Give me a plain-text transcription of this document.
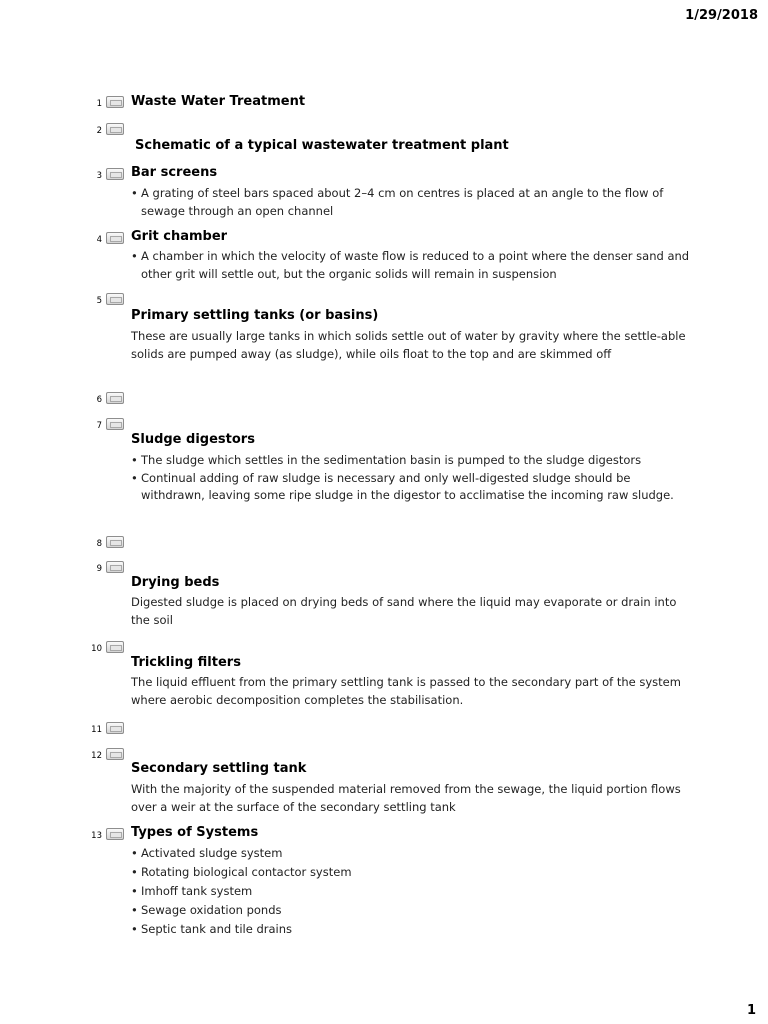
1/29/2018
1 Waste Water Treatment
2
Schematic of a typical wastewater treatment plant
3 Bar screens
• A grating of steel bars spaced about 2–4 cm on centres is placed at an angle to the flow of sewage through an open channel
4 Grit chamber
• A chamber in which the velocity of waste flow is reduced to a point where the denser sand and other grit will settle out, but the organic solids will remain in suspension
5
Primary settling tanks (or basins)
These are usually large tanks in which solids settle out of water by gravity where the settle-able solids are pumped away (as sludge), while oils float to the top and are skimmed off
6
7
Sludge digestors
• The sludge which settles in the sedimentation basin is pumped to the sludge digestors
• Continual adding of raw sludge is necessary and only well-digested sludge should be withdrawn, leaving some ripe sludge in the digestor to acclimatise the incoming raw sludge.
8
9
Drying beds
Digested sludge is placed on drying beds of sand where the liquid may evaporate or drain into the soil
10
Trickling filters
The liquid effluent from the primary settling tank is passed to the secondary part of the system where aerobic decomposition completes the stabilisation.
11
12
Secondary settling tank
With the majority of the suspended material removed from the sewage, the liquid portion flows over a weir at the surface of the secondary settling tank
13 Types of Systems
• Activated sludge system
• Rotating biological contactor system
• Imhoff tank system
• Sewage oxidation ponds
• Septic tank and tile drains
1
